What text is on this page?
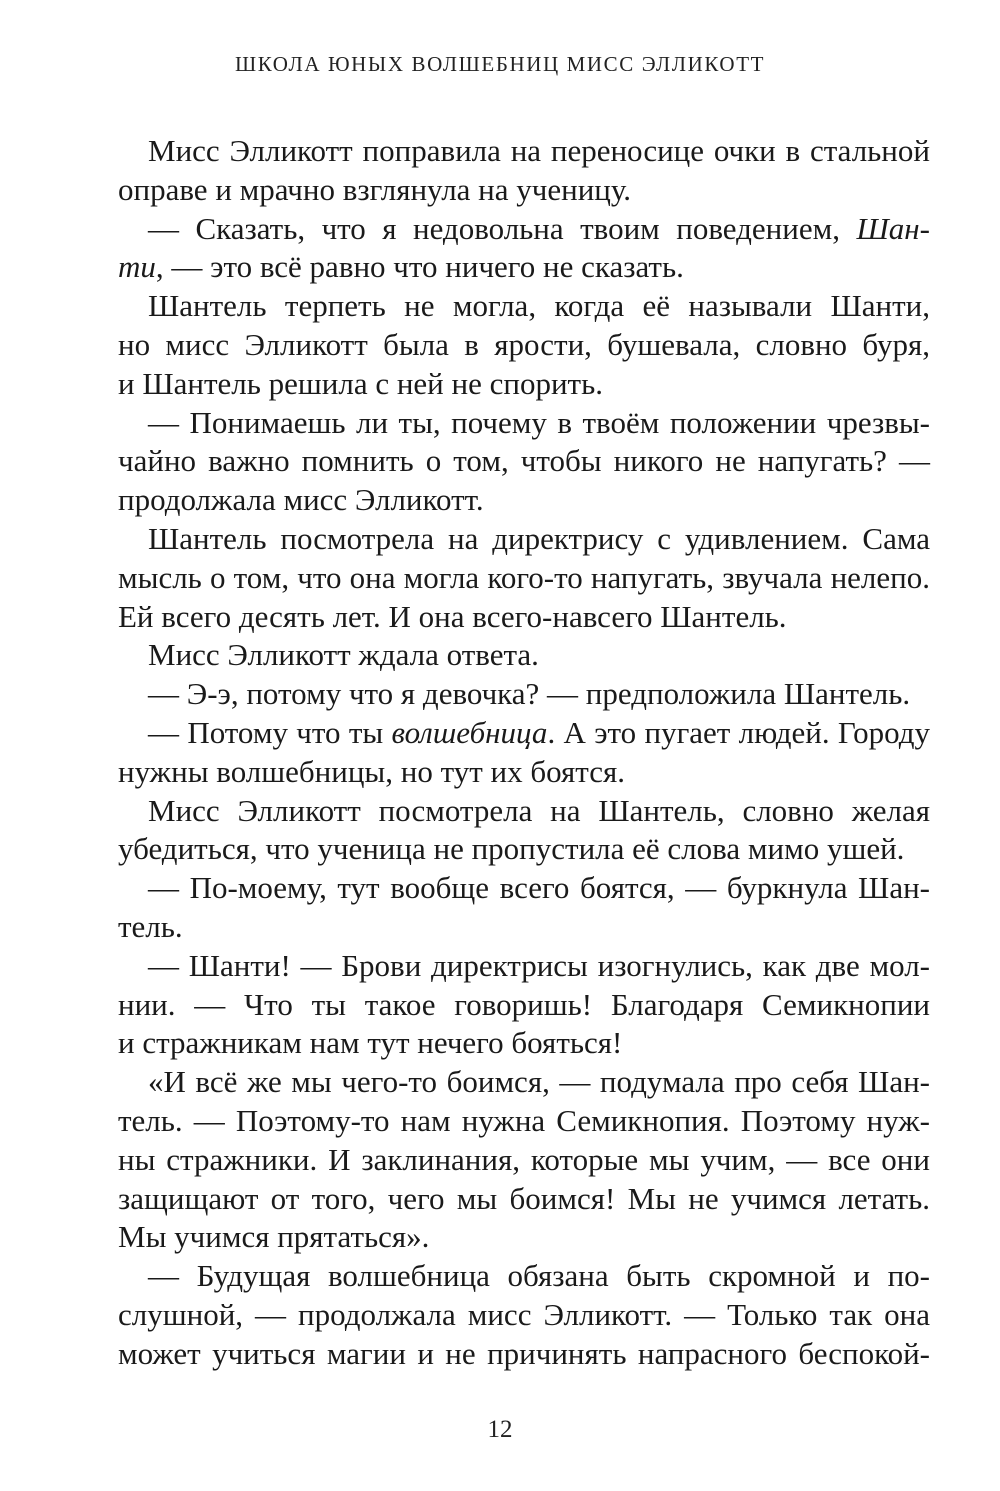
ШКОЛА ЮНЫХ ВОЛШЕБНИЦ МИСС ЭЛЛИКОТТ
Мисс Элликотт поправила на переносице очки в стальной
оправе и мрачно взглянула на ученицу.
— Сказать, что я недовольна твоим поведением, Шан-
ти, — это всё равно что ничего не сказать.
Шантель терпеть не могла, когда её называли Шанти,
но мисс Элликотт была в ярости, бушевала, словно буря,
и Шантель решила с ней не спорить.
— Понимаешь ли ты, почему в твоём положении чрезвы-
чайно важно помнить о том, чтобы никого не напугать? —
продолжала мисс Элликотт.
Шантель посмотрела на директрису с удивлением. Сама
мысль о том, что она могла кого-то напугать, звучала нелепо.
Ей всего десять лет. И она всего-навсего Шантель.
Мисс Элликотт ждала ответа.
— Э-э, потому что я девочка? — предположила Шантель.
— Потому что ты волшебница. А это пугает людей. Городу
нужны волшебницы, но тут их боятся.
Мисс Элликотт посмотрела на Шантель, словно желая
убедиться, что ученица не пропустила её слова мимо ушей.
— По-моему, тут вообще всего боятся, — буркнула Шан-
тель.
— Шанти! — Брови директрисы изогнулись, как две мол-
нии. — Что ты такое говоришь! Благодаря Семикнопии
и стражникам нам тут нечего бояться!
«И всё же мы чего-то боимся, — подумала про себя Шан-
тель. — Поэтому-то нам нужна Семикнопия. Поэтому нуж-
ны стражники. И заклинания, которые мы учим, — все они
защищают от того, чего мы боимся! Мы не учимся летать.
Мы учимся прятаться».
— Будущая волшебница обязана быть скромной и по-
слушной, — продолжала мисс Элликотт. — Только так она
может учиться магии и не причинять напрасного беспокой-
12
